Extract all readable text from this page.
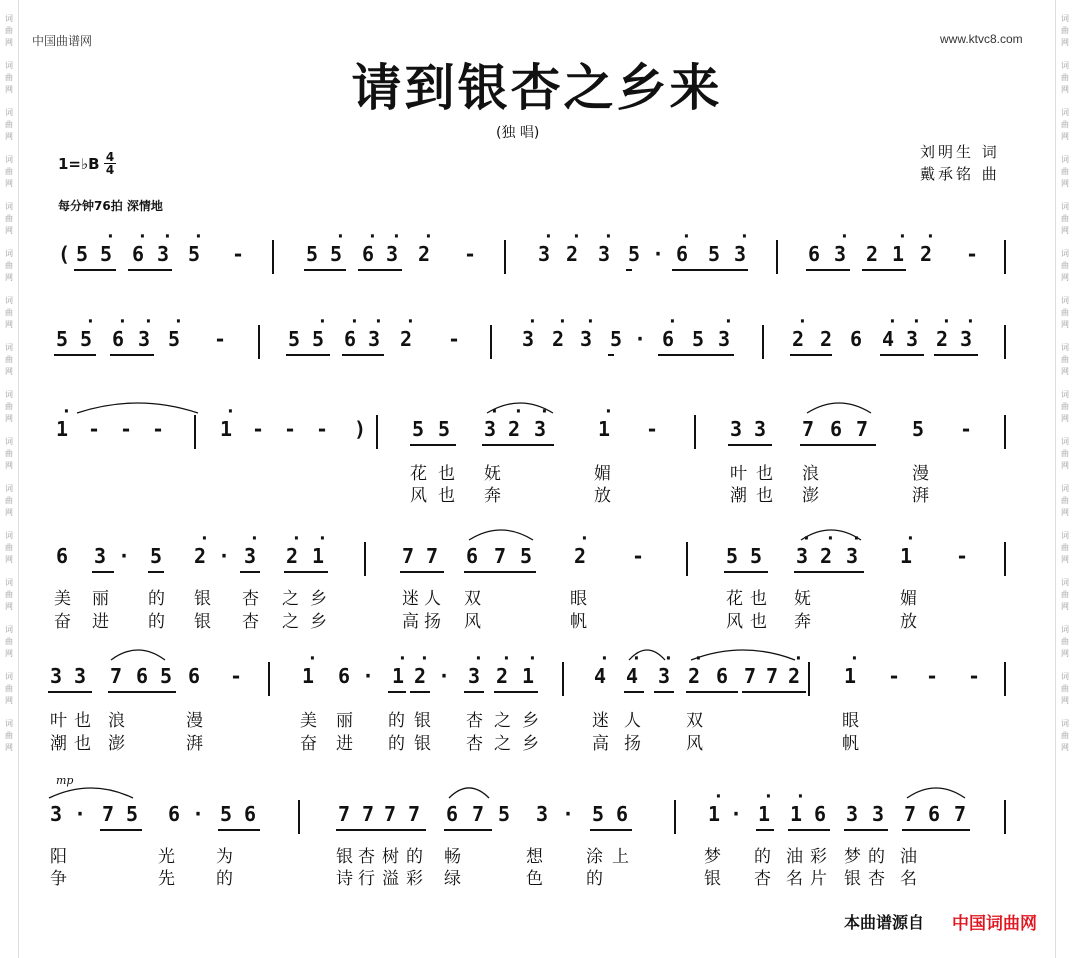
词
曲
网
词
曲
网
词
曲
网
词
曲
网
词
曲
网
词
曲
网
词
曲
网
词
曲
网
词
曲
网
词
曲
网
词
曲
网
词
曲
网
词
曲
网
词
曲
网
词
曲
网
词
曲
网
词
曲
网
词
曲
网
词
曲
网
词
曲
网
词
曲
网
词
曲
网
词
曲
网
词
曲
网
词
曲
网
词
曲
网
词
曲
网
词
曲
网
词
曲
网
词
曲
网
词
曲
网
词
曲
网
中国曲谱网	www.ktvc8.com
请到银杏之乡来
(独 唱)
刘明生 词
戴承铭 曲
1=♭B $\frac{4}{4}$
每分钟76拍 深情地
mp
( 5 5 · 6 · 3 · 5 · -	5 5 · 6 · 3 · 2 · -	3 · 2 · 3 · 5 · 6 · 5 3 ·	6 3 · 2 1 · 2 · -
5 5 · 6 · 3 · 5 · -	5 5 · 6 · 3 · 2 · -	3 · 2 · 3 · 5 · 6 · 5 3 ·	2 · 2 6 4 · 3 · 2 · 3 ·
1 · - - -	1 · - - - ) 5 5 3 · 2 · 3 ·	1 · -	3 3 7 6 7 5 -
6 3 · 5 2 · · 3 · 2 · 1 ·	7 7 6 7 5 2 · -	5 5 3 · 2 · 3 · 1 · -
3 3 7 6 5 6 -	1 · 6 · 1 · 2 · · 3 · 2 · 1 ·	4 · 4 · 3 · 2 · 6 7 7 2 · 1 · - - -
3 · 7 5 6 · 5 6	7 7 7 7 6 7 5 3 · 5 6	1 · · 1 · 1 · 6 3 3 7 6 7
花 也 妩	媚	叶 也 浪	漫
风 也 奔	放	潮 也 澎	湃
美 丽 的 银 杏 之 乡	迷 人 双	眼	花 也 妩	媚
奋 进 的 银 杏 之 乡	高 扬 风	帆	风 也 奔	放
叶 也 浪	漫	美 丽 的 银 杏 之 乡	迷 人	双	眼
潮 也 澎	湃	奋 进 的 银 杏 之 乡	高 扬	风	帆
阳	光 为	银 杏 树 的 畅	想	涂 上	梦 的 油 彩 梦 的 油
争	先 的	诗 行 溢 彩 绿	色	的	银 杏 名 片 银 杏 名
本曲谱源自 中国词曲网
